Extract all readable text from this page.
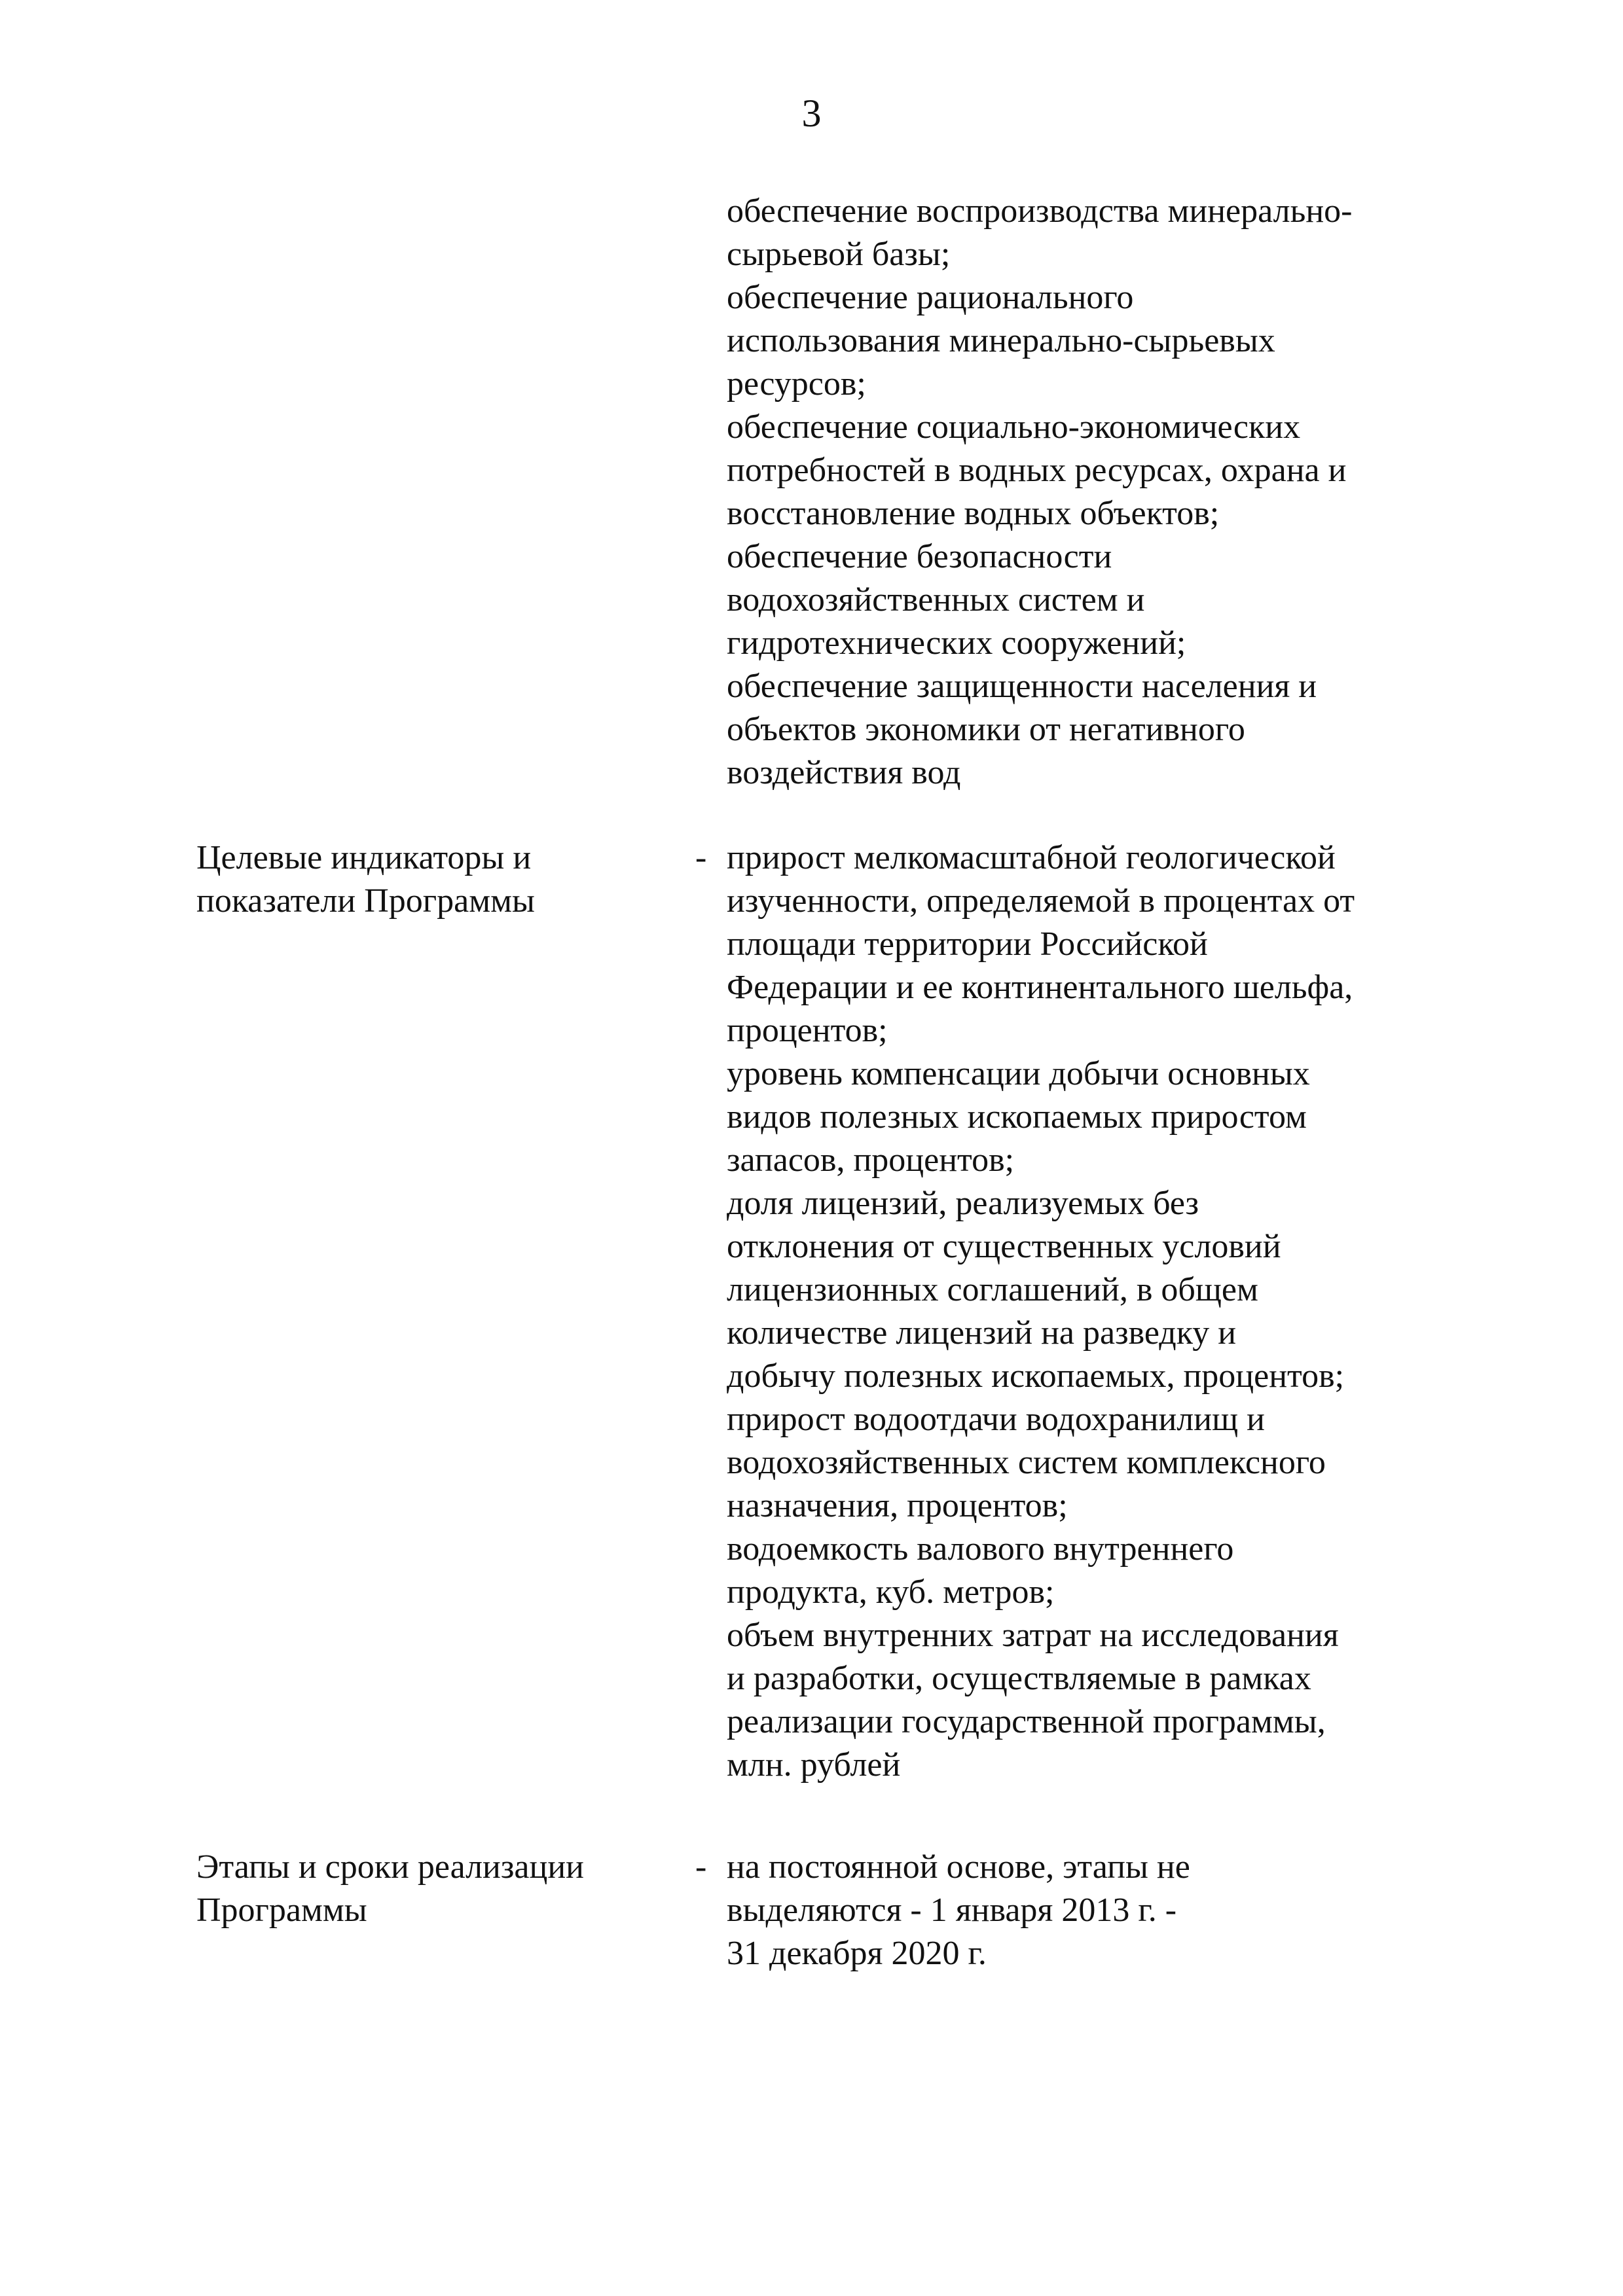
3
обеспечение воспроизводства минерально-
сырьевой базы;
обеспечение рационального
использования минерально-сырьевых
ресурсов;
обеспечение социально-экономических
потребностей в водных ресурсах, охрана и
восстановление водных объектов;
обеспечение безопасности
водохозяйственных систем и
гидротехнических сооружений;
обеспечение защищенности населения и
объектов экономики от негативного
воздействия вод
Целевые индикаторы и
показатели Программы
- прирост мелкомасштабной геологической
изученности, определяемой в процентах от
площади территории Российской
Федерации и ее континентального шельфа,
процентов;
уровень компенсации добычи основных
видов полезных ископаемых приростом
запасов, процентов;
доля лицензий, реализуемых без
отклонения от существенных условий
лицензионных соглашений, в общем
количестве лицензий на разведку и
добычу полезных ископаемых, процентов;
прирост водоотдачи водохранилищ и
водохозяйственных систем комплексного
назначения, процентов;
водоемкость валового внутреннего
продукта, куб. метров;
объем внутренних затрат на исследования
и разработки, осуществляемые в рамках
реализации государственной программы,
млн. рублей
Этапы и сроки реализации
Программы
- на постоянной основе, этапы не
выделяются - 1 января 2013 г. -
31 декабря 2020 г.
